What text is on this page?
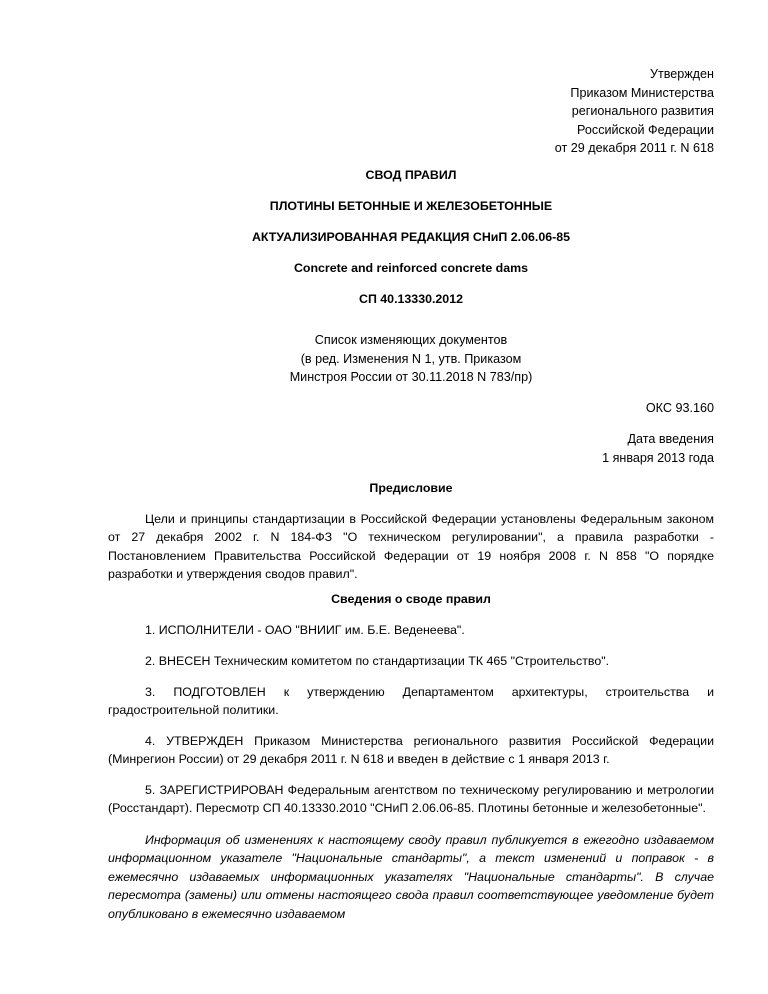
Утвержден
Приказом Министерства
регионального развития
Российской Федерации
от 29 декабря 2011 г. N 618
СВОД ПРАВИЛ
ПЛОТИНЫ БЕТОННЫЕ И ЖЕЛЕЗОБЕТОННЫЕ
АКТУАЛИЗИРОВАННАЯ РЕДАКЦИЯ СНиП 2.06.06-85
Concrete and reinforced concrete dams
СП 40.13330.2012
Список изменяющих документов
(в ред. Изменения N 1, утв. Приказом
Минстроя России от 30.11.2018 N 783/пр)
ОКС 93.160
Дата введения
1 января 2013 года
Предисловие
Цели и принципы стандартизации в Российской Федерации установлены Федеральным законом от 27 декабря 2002 г. N 184-ФЗ "О техническом регулировании", а правила разработки - Постановлением Правительства Российской Федерации от 19 ноября 2008 г. N 858 "О порядке разработки и утверждения сводов правил".
Сведения о своде правил
1. ИСПОЛНИТЕЛИ - ОАО "ВНИИГ им. Б.Е. Веденеева".
2. ВНЕСЕН Техническим комитетом по стандартизации ТК 465 "Строительство".
3. ПОДГОТОВЛЕН к утверждению Департаментом архитектуры, строительства и градостроительной политики.
4. УТВЕРЖДЕН Приказом Министерства регионального развития Российской Федерации (Минрегион России) от 29 декабря 2011 г. N 618 и введен в действие с 1 января 2013 г.
5. ЗАРЕГИСТРИРОВАН Федеральным агентством по техническому регулированию и метрологии (Росстандарт). Пересмотр СП 40.13330.2010 "СНиП 2.06.06-85. Плотины бетонные и железобетонные".
Информация об изменениях к настоящему своду правил публикуется в ежегодно издаваемом информационном указателе "Национальные стандарты", а текст изменений и поправок - в ежемесячно издаваемых информационных указателях "Национальные стандарты". В случае пересмотра (замены) или отмены настоящего свода правил соответствующее уведомление будет опубликовано в ежемесячно издаваемом
